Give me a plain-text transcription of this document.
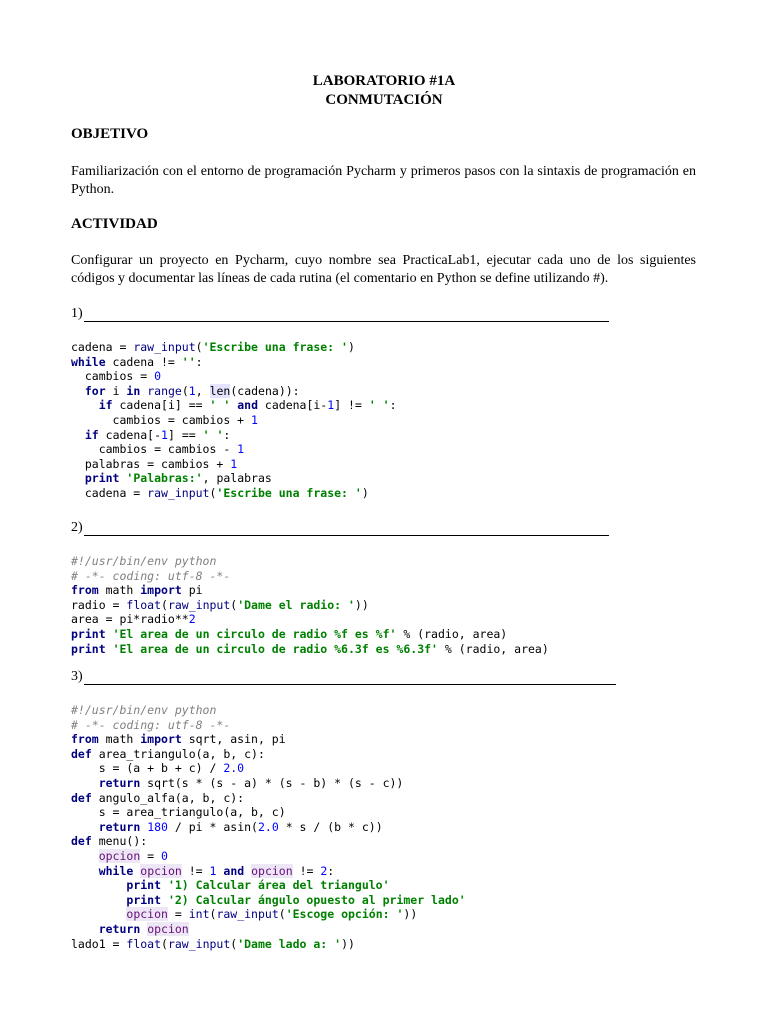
LABORATORIO #1A
CONMUTACIÓN
OBJETIVO
Familiarización con el entorno de programación Pycharm y primeros pasos con la sintaxis de programación en Python.
ACTIVIDAD
Configurar un proyecto en Pycharm, cuyo nombre sea PracticaLab1, ejecutar cada uno de los siguientes códigos y documentar las líneas de cada rutina (el comentario en Python se define utilizando #).
1)
cadena = raw_input('Escribe una frase: ')
while cadena != '':
cambios = 0
for i in range(1, len(cadena)):
if cadena[i] == ' ' and cadena[i-1] != ' ':
cambios = cambios + 1
if cadena[-1] == ' ':
cambios = cambios - 1
palabras = cambios + 1
print 'Palabras:', palabras
cadena = raw_input('Escribe una frase: ')
2)
#!/usr/bin/env python
# -*- coding: utf-8 -*-
from math import pi
radio = float(raw_input('Dame el radio: '))
area = pi*radio**2
print 'El area de un circulo de radio %f es %f' % (radio, area)
print 'El area de un circulo de radio %6.3f es %6.3f' % (radio, area)
3)
#!/usr/bin/env python
# -*- coding: utf-8 -*-
from math import sqrt, asin, pi
def area_triangulo(a, b, c):
s = (a + b + c) / 2.0
return sqrt(s * (s - a) * (s - b) * (s - c))
def angulo_alfa(a, b, c):
s = area_triangulo(a, b, c)
return 180 / pi * asin(2.0 * s / (b * c))
def menu():
opcion = 0
while opcion != 1 and opcion != 2:
print '1) Calcular área del triangulo'
print '2) Calcular ángulo opuesto al primer lado'
opcion = int(raw_input('Escoge opción: '))
return opcion
lado1 = float(raw_input('Dame lado a: '))
